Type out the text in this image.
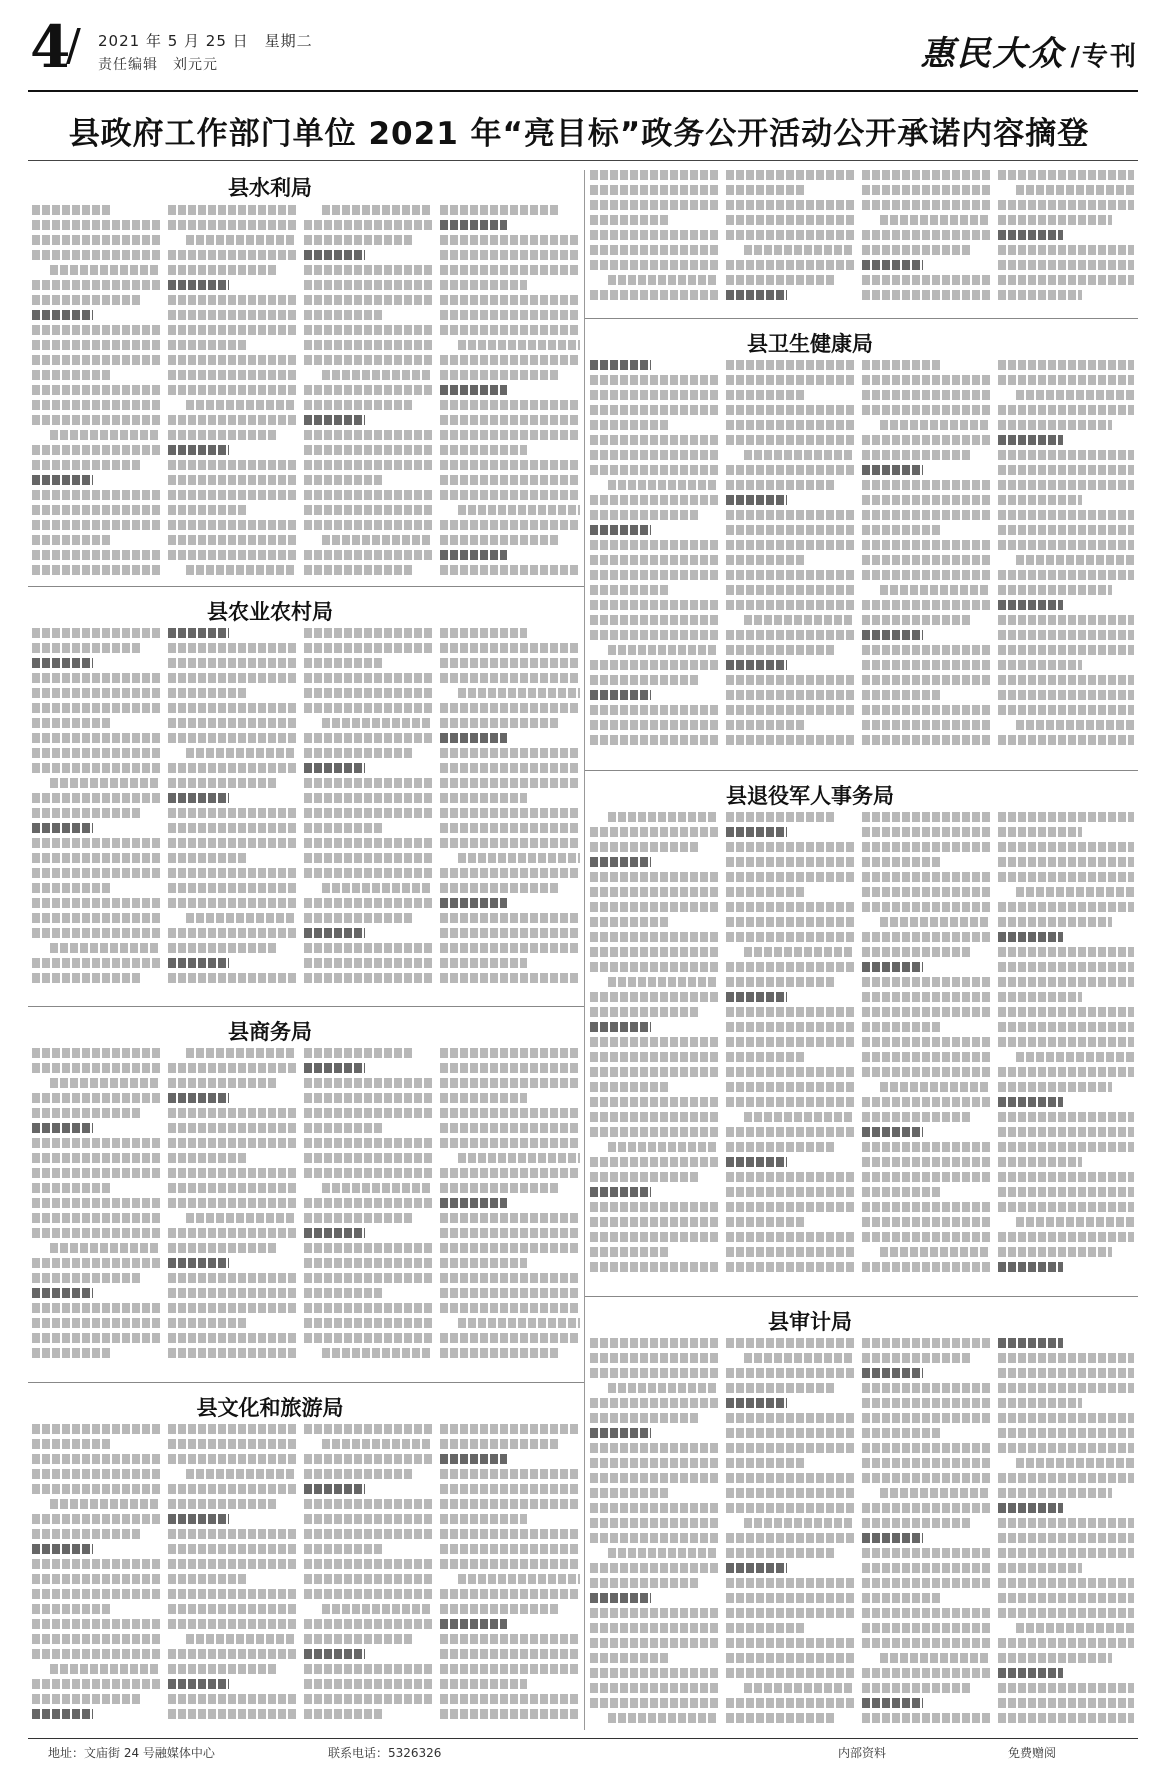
4
/ 2021 年 5 月 25 日　星期二
责任编辑　刘元元	惠民大众 /专刊
县政府工作部门单位 2021 年“亮目标”政务公开活动公开承诺内容摘登
县水利局
县农业农村局
县商务局
县文化和旅游局
县卫生健康局
县退役军人事务局
县审计局
地址：文庙街 24 号融媒体中心	联系电话：5326326	内部资料	免费赠阅
